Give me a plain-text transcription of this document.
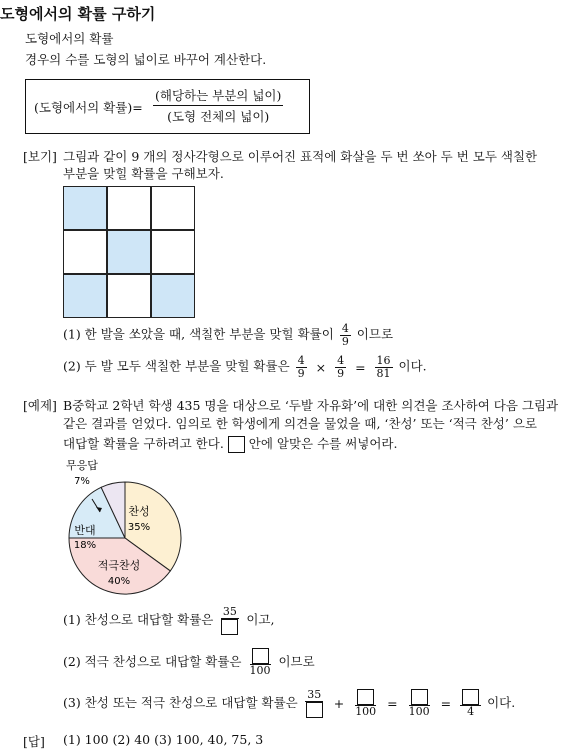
도형에서의 확률 구하기
도형에서의 확률
경우의 수를 도형의 넓이로 바꾸어 계산한다.
(도형에서의 확률)=
(해당하는 부분의 넓이)
(도형 전체의 넓이)
[보기] 그림과 같이 9 개의 정사각형으로 이루어진 표적에 화살을 두 번 쏘아 두 번 모두 색칠한
부분을 맞힐 확률을 구해보자.
(1) 한 발을 쏘았을 때, 색칠한 부분을 맞힐 확률이 $\frac{4}{9}$ 이므로
(2) 두 발 모두 색칠한 부분을 맞힐 확률은 $\frac{4}{9} \times \frac{4}{9} = \frac{16}{81}$ 이다.
[예제] B중학교 2학년 학생 435 명을 대상으로 ‘두발 자유화’에 대한 의견을 조사하여 다음 그림과
같은 결과를 얻었다. 임의로 한 학생에게 의견을 물었을 때, ‘찬성’ 또는 ‘적극 찬성’ 으로
대답할 확률을 구하려고 한다. 안에 알맞은 수를 써넣어라.
무응답
7%
찬성
35%
반대
18%
적극찬성
40%
(1) 찬성으로 대답할 확률은
35
이고,
(2) 적극 찬성으로 대답할 확률은
100
이므로
(3) 찬성 또는 적극 찬성으로 대답할 확률은
35
+
100
=
100
=
4
이다.
[답] (1) 100 (2) 40 (3) 100, 40, 75, 3
